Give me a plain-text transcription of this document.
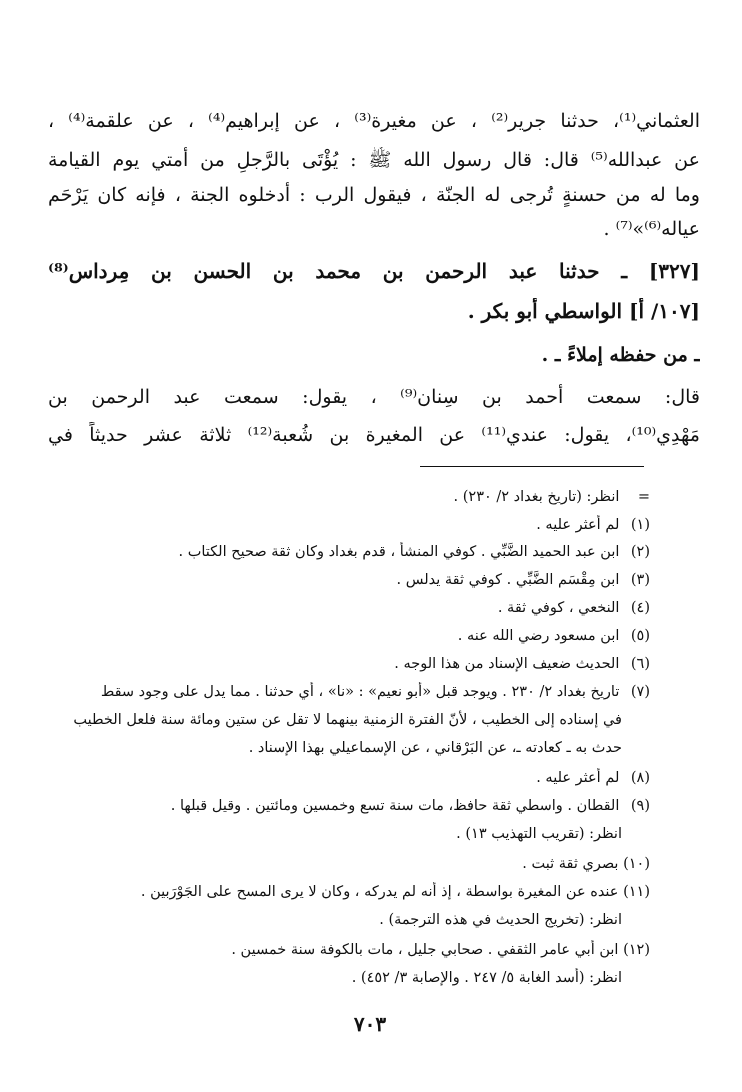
العثماني⁽¹⁾، حدثنا جرير⁽²⁾ ، عن مغيرة⁽³⁾ ، عن إبراهيم⁽⁴⁾ ، عن علقمة⁽⁴⁾ ،
عن عبدالله⁽⁵⁾ قال: قال رسول الله ﷺ : يُؤْتَى بالرَّجلِ من أمتي يوم القيامة
وما له من حسنةٍ تُرجى له الجنّة ، فيقول الرب : أدخلوه الجنة ، فإنه كان يَرْحَم
عياله⁽⁶⁾»⁽⁷⁾ .
[٣٢٧] ـ حدثنا عبد الرحمن بن محمد بن الحسن بن مِرداس⁽⁸⁾
[١٠٧/ أ] الواسطي أبو بكر .
ـ من حفظه إملاءً ـ .
قال: سمعت أحمد بن سِنان⁽⁹⁾ ، يقول: سمعت عبد الرحمن بن
مَهْدِي⁽¹⁰⁾، يقول: عندي⁽¹¹⁾ عن المغيرة بن شُعبة⁽¹²⁾ ثلاثة عشر حديثاً في
= انظر: (تاريخ بغداد ٢/ ٢٣٠) .
(١) لم أعثر عليه .
(٢) ابن عبد الحميد الضَّبِّي . كوفي المنشأ ، قدم بغداد وكان ثقة صحيح الكتاب .
(٣) ابن مِقْسَم الضَّبِّي . كوفي ثقة يدلس .
(٤) النخعي ، كوفي ثقة .
(٥) ابن مسعود رضي الله عنه .
(٦) الحديث ضعيف الإسناد من هذا الوجه .
(٧) تاريخ بغداد ٢/ ٢٣٠ . ويوجد قبل «أبو نعيم» : «نا» ، أي حدثنا . مما يدل على وجود سقط
في إسناده إلى الخطيب ، لأنّ الفترة الزمنية بينهما لا تقل عن ستين ومائة سنة فلعل الخطيب
حدث به ـ كعادته ـ، عن البَرْقاني ، عن الإسماعيلي بهذا الإسناد .
(٨) لم أعثر عليه .
(٩) القطان . واسطي ثقة حافظ، مات سنة تسع وخمسين ومائتين . وقيل قبلها .
انظر: (تقريب التهذيب ١٣) .
(١٠) بصري ثقة ثبت .
(١١) عنده عن المغيرة بواسطة ، إذ أنه لم يدركه ، وكان لا يرى المسح على الجَوْرَبين .
انظر: (تخريج الحديث في هذه الترجمة) .
(١٢) ابن أبي عامر الثقفي . صحابي جليل ، مات بالكوفة سنة خمسين .
انظر: (أسد الغابة ٥/ ٢٤٧ . والإصابة ٣/ ٤٥٢) .
٧٠٣
